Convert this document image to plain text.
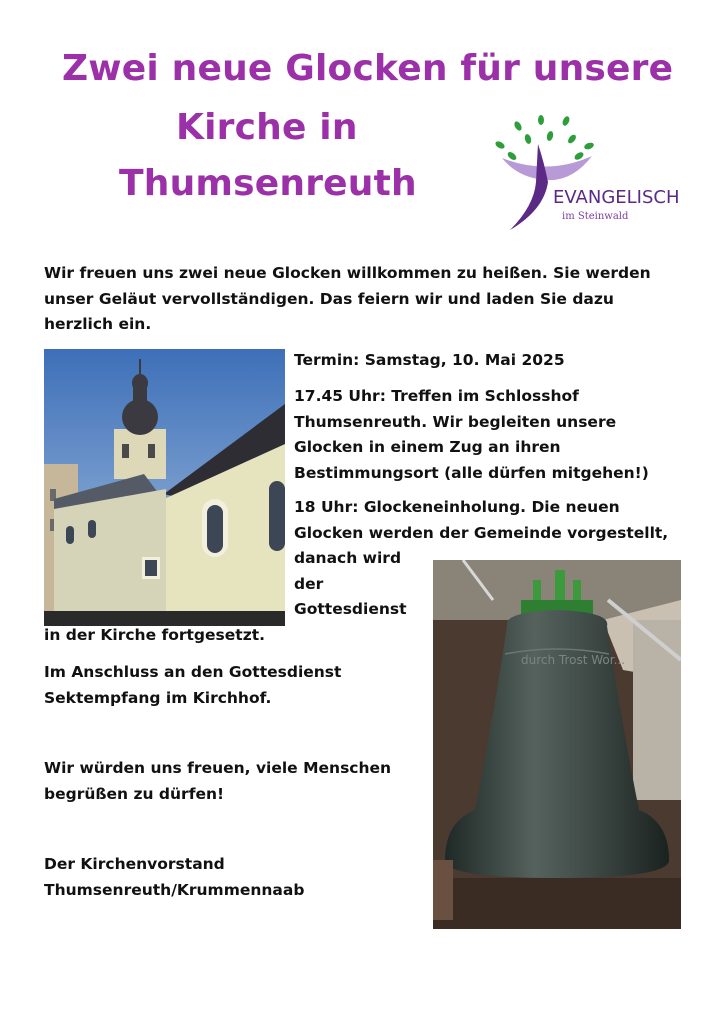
Zwei neue Glocken für unsere
Kirche in
Thumsenreuth	EVANGELISCH
im Steinwald
Wir freuen uns zwei neue Glocken willkommen zu heißen. Sie werden
unser Geläut vervollständigen. Das feiern wir und laden Sie dazu
herzlich ein.
Termin: Samstag, 10. Mai 2025
17.45 Uhr: Treffen im Schlosshof
Thumsenreuth. Wir begleiten unsere
Glocken in einem Zug an ihren
Bestimmungsort (alle dürfen mitgehen!)
18 Uhr: Glockeneinholung. Die neuen
Glocken werden der Gemeinde vorgestellt,
danach wird
der
Gottesdienst
in der Kirche fortgesetzt.
Im Anschluss an den Gottesdienst
Sektempfang im Kirchhof.
Wir würden uns freuen, viele Menschen
begrüßen zu dürfen!
Der Kirchenvorstand
Thumsenreuth/Krummennaab
durch Trost Wor...
